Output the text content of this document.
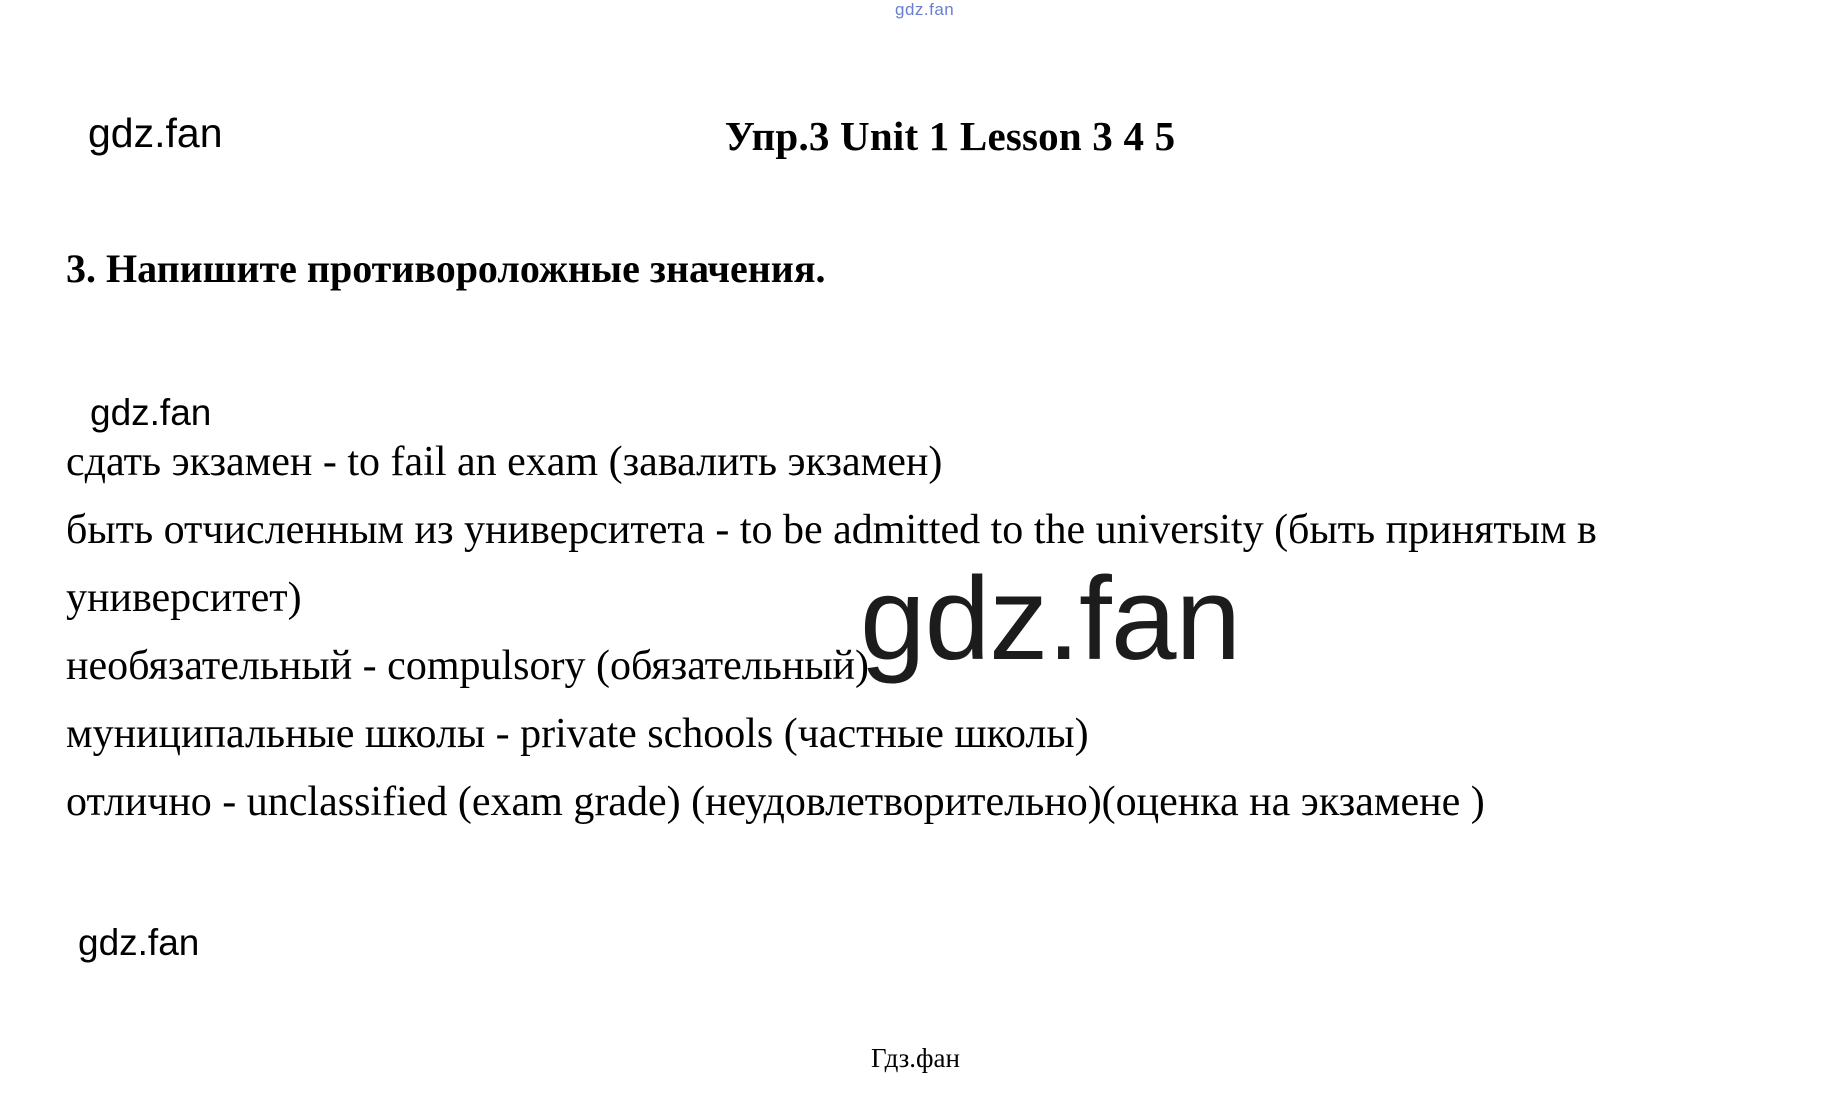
gdz.fan
gdz.fan	Упр.3 Unit 1 Lesson 3 4 5
3. Напишите противороложные значения.
gdz.fan
gdz.fan
сдать экзамен - to fail an exam (завалить экзамен)
быть отчисленным из университета - to be admitted to the university (быть принятым в университет)
необязательный - compulsory (обязательный)
муниципальные школы - private schools (частные школы)
отлично - unclassified (exam grade) (неудовлетворительно)(оценка на экзамене )
gdz.fan
Гдз.фан
